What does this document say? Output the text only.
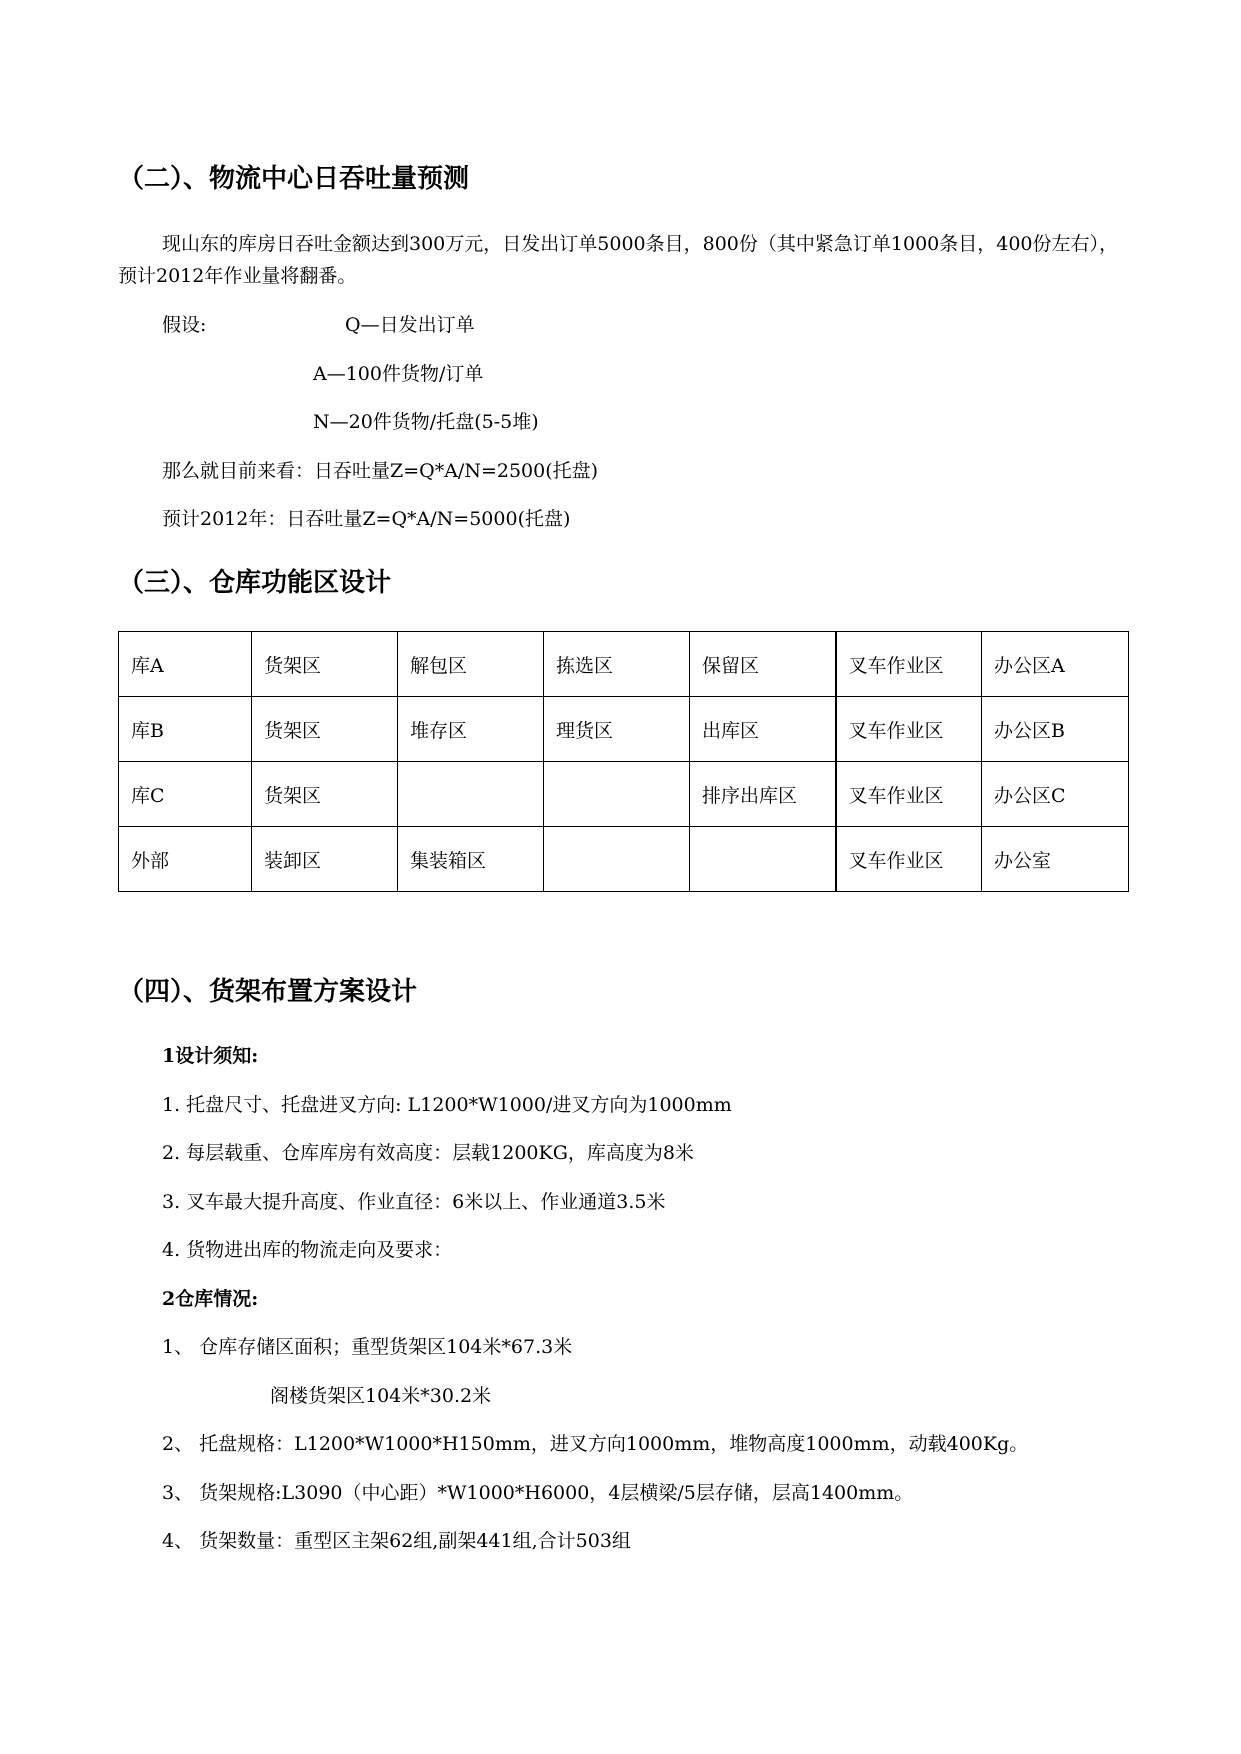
（二）、物流中心日吞吐量预测
现山东的库房日吞吐金额达到300万元，日发出订单5000条目，800份（其中紧急订单1000条目，400份左右），预计2012年作业量将翻番。
假设:	Q—日发出订单
A—100件货物/订单
N—20件货物/托盘(5-5堆)
那么就目前来看：日吞吐量Z=Q*A/N=2500(托盘)
预计2012年：日吞吐量Z=Q*A/N=5000(托盘)
（三）、仓库功能区设计
库A	货架区	解包区	拣选区	保留区	叉车作业区	办公区A
库B	货架区	堆存区	理货区	出库区	叉车作业区	办公区B
库C	货架区			排序出库区	叉车作业区	办公区C
外部	装卸区	集装箱区			叉车作业区	办公室
（四）、货架布置方案设计
1设计须知:
1. 托盘尺寸、托盘进叉方向: L1200*W1000/进叉方向为1000mm
2. 每层载重、仓库库房有效高度：层载1200KG，库高度为8米
3. 叉车最大提升高度、作业直径：6米以上、作业通道3.5米
4. 货物进出库的物流走向及要求：
2仓库情况:
1、 仓库存储区面积；重型货架区104米*67.3米
阁楼货架区104米*30.2米
2、 托盘规格：L1200*W1000*H150mm，进叉方向1000mm，堆物高度1000mm，动载400Kg。
3、 货架规格:L3090（中心距）*W1000*H6000，4层横梁/5层存储，层高1400mm。
4、 货架数量：重型区主架62组,副架441组,合计503组
